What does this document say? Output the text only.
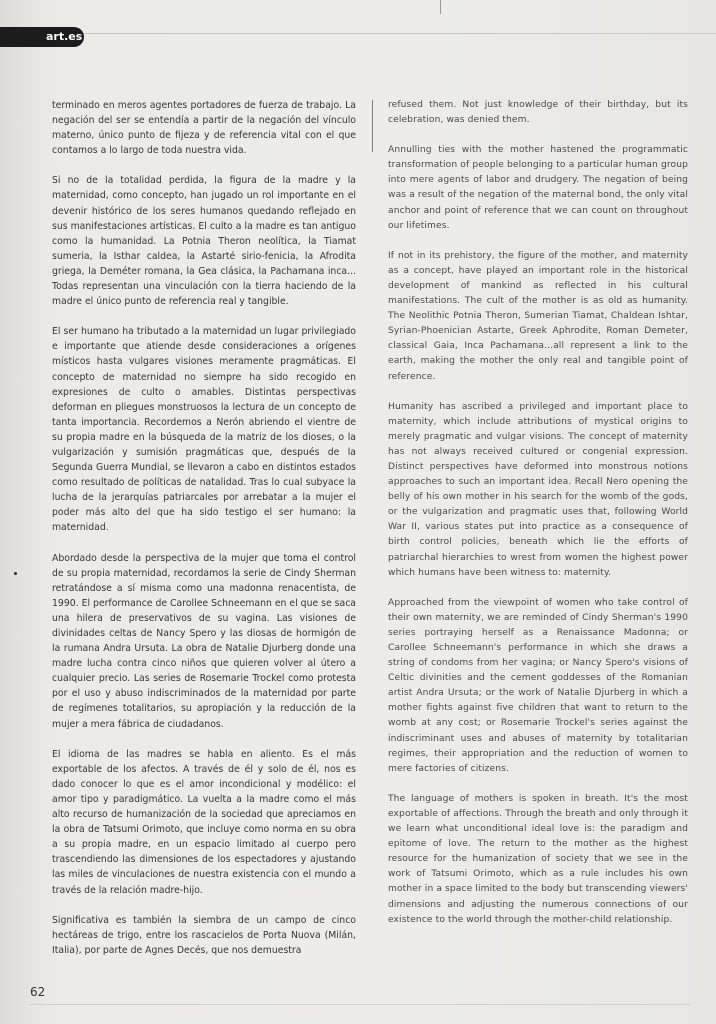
art.es

terminado en meros agentes portadores de fuerza de trabajo. La negación del ser se entendía a partir de la negación del vínculo materno, único punto de fijeza y de referencia vital con el que contamos a lo largo de toda nuestra vida.

Si no de la totalidad perdida, la figura de la madre y la maternidad, como concepto, han jugado un rol importante en el devenir histórico de los seres humanos quedando reflejado en sus manifestaciones artísticas. El culto a la madre es tan antiguo como la humanidad. La Potnia Theron neolítica, la Tiamat sumeria, la Isthar caldea, la Astarté sirio-fenicia, la Afrodita griega, la Deméter romana, la Gea clásica, la Pachamana inca... Todas representan una vinculación con la tierra haciendo de la madre el único punto de referencia real y tangible.

El ser humano ha tributado a la maternidad un lugar privilegiado e importante que atiende desde consideraciones a orígenes místicos hasta vulgares visiones meramente pragmáticas. El concepto de maternidad no siempre ha sido recogido en expresiones de culto o amables. Distintas perspectivas deforman en pliegues monstruosos la lectura de un concepto de tanta importancia. Recordemos a Nerón abriendo el vientre de su propia madre en la búsqueda de la matriz de los dioses, o la vulgarización y sumisión pragmáticas que, después de la Segunda Guerra Mundial, se llevaron a cabo en distintos estados como resultado de políticas de natalidad. Tras lo cual subyace la lucha de la jerarquías patriarcales por arrebatar a la mujer el poder más alto del que ha sido testigo el ser humano: la maternidad.

Abordado desde la perspectiva de la mujer que toma el control de su propia maternidad, recordamos la serie de Cindy Sherman retratándose a sí misma como una madonna renacentista, de 1990. El performance de Carollee Schneemann en el que se saca una hilera de preservativos de su vagina. Las visiones de divinidades celtas de Nancy Spero y las diosas de hormigón de la rumana Andra Ursuta. La obra de Natalie Djurberg donde una madre lucha contra cinco niños que quieren volver al útero a cualquier precio. Las series de Rosemarie Trockel como protesta por el uso y abuso indiscriminados de la maternidad por parte de regímenes totalitarios, su apropiación y la reducción de la mujer a mera fábrica de ciudadanos.

El idioma de las madres se habla en aliento. Es el más exportable de los afectos. A través de él y solo de él, nos es dado conocer lo que es el amor incondicional y modélico: el amor tipo y paradigmático. La vuelta a la madre como el más alto recurso de humanización de la sociedad que apreciamos en la obra de Tatsumi Orimoto, que incluye como norma en su obra a su propia madre, en un espacio limitado al cuerpo pero trascendiendo las dimensiones de los espectadores y ajustando las miles de vinculaciones de nuestra existencia con el mundo a través de la relación madre-hijo.

Significativa es también la siembra de un campo de cinco hectáreas de trigo, entre los rascacielos de Porta Nuova (Milán, Italia), por parte de Agnes Decés, que nos demuestra

refused them. Not just knowledge of their birthday, but its celebration, was denied them.

Annulling ties with the mother hastened the programmatic transformation of people belonging to a particular human group into mere agents of labor and drudgery. The negation of being was a result of the negation of the maternal bond, the only vital anchor and point of reference that we can count on throughout our lifetimes.

If not in its prehistory, the figure of the mother, and maternity as a concept, have played an important role in the historical development of mankind as reflected in his cultural manifestations. The cult of the mother is as old as humanity. The Neolithic Potnia Theron, Sumerian Tiamat, Chaldean Ishtar, Syrian-Phoenician Astarte, Greek Aphrodite, Roman Demeter, classical Gaia, Inca Pachamana...all represent a link to the earth, making the mother the only real and tangible point of reference.

Humanity has ascribed a privileged and important place to maternity, which include attributions of mystical origins to merely pragmatic and vulgar visions. The concept of maternity has not always received cultured or congenial expression. Distinct perspectives have deformed into monstrous notions approaches to such an important idea. Recall Nero opening the belly of his own mother in his search for the womb of the gods, or the vulgarization and pragmatic uses that, following World War II, various states put into practice as a consequence of birth control policies, beneath which lie the efforts of patriarchal hierarchies to wrest from women the highest power which humans have been witness to: maternity.

Approached from the viewpoint of women who take control of their own maternity, we are reminded of Cindy Sherman's 1990 series portraying herself as a Renaissance Madonna; or Carollee Schneemann's performance in which she draws a string of condoms from her vagina; or Nancy Spero's visions of Celtic divinities and the cement goddesses of the Romanian artist Andra Ursuta; or the work of Natalie Djurberg in which a mother fights against five children that want to return to the womb at any cost; or Rosemarie Trockel's series against the indiscriminant uses and abuses of maternity by totalitarian regimes, their appropriation and the reduction of women to mere factories of citizens.

The language of mothers is spoken in breath. It's the most exportable of affections. Through the breath and only through it we learn what unconditional ideal love is: the paradigm and epitome of love. The return to the mother as the highest resource for the humanization of society that we see in the work of Tatsumi Orimoto, which as a rule includes his own mother in a space limited to the body but transcending viewers' dimensions and adjusting the numerous connections of our existence to the world through the mother-child relationship.

62
